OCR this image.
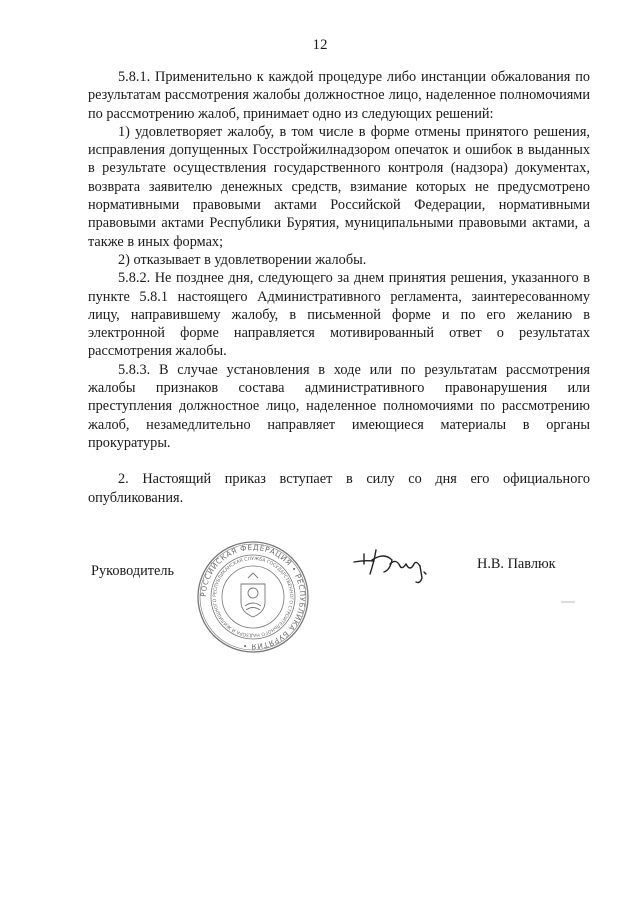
12

5.8.1. Применительно к каждой процедуре либо инстанции обжалования по результатам рассмотрения жалобы должностное лицо, наделенное полномочиями по рассмотрению жалоб, принимает одно из следующих решений:

1) удовлетворяет жалобу, в том числе в форме отмены принятого решения, исправления допущенных Госстройжилнадзором опечаток и ошибок в выданных в результате осуществления государственного контроля (надзора) документах, возврата заявителю денежных средств, взимание которых не предусмотрено нормативными правовыми актами Российской Федерации, нормативными правовыми актами Республики Бурятия, муниципальными правовыми актами, а также в иных формах;

2) отказывает в удовлетворении жалобы.

5.8.2. Не позднее дня, следующего за днем принятия решения, указанного в пункте 5.8.1 настоящего Административного регламента, заинтересованному лицу, направившему жалобу, в письменной форме и по его желанию в электронной форме направляется мотивированный ответ о результатах рассмотрения жалобы.

5.8.3. В случае установления в ходе или по результатам рассмотрения жалобы признаков состава административного правонарушения или преступления должностное лицо, наделенное полномочиями по рассмотрению жалоб, незамедлительно направляет имеющиеся материалы в органы прокуратуры.

2. Настоящий приказ вступает в силу со дня его официального опубликования.

Руководитель
РОССИЙСКАЯ ФЕДЕРАЦИЯ • РЕСПУБЛИКА БУРЯТИЯ •
РЕСПУБЛИКАНСКАЯ СЛУЖБА ГОСУДАРСТВЕННОГО СТРОИТЕЛЬНОГО НАДЗОРА И ЖИЛИЩНОГО
Н.В. Павлюк
